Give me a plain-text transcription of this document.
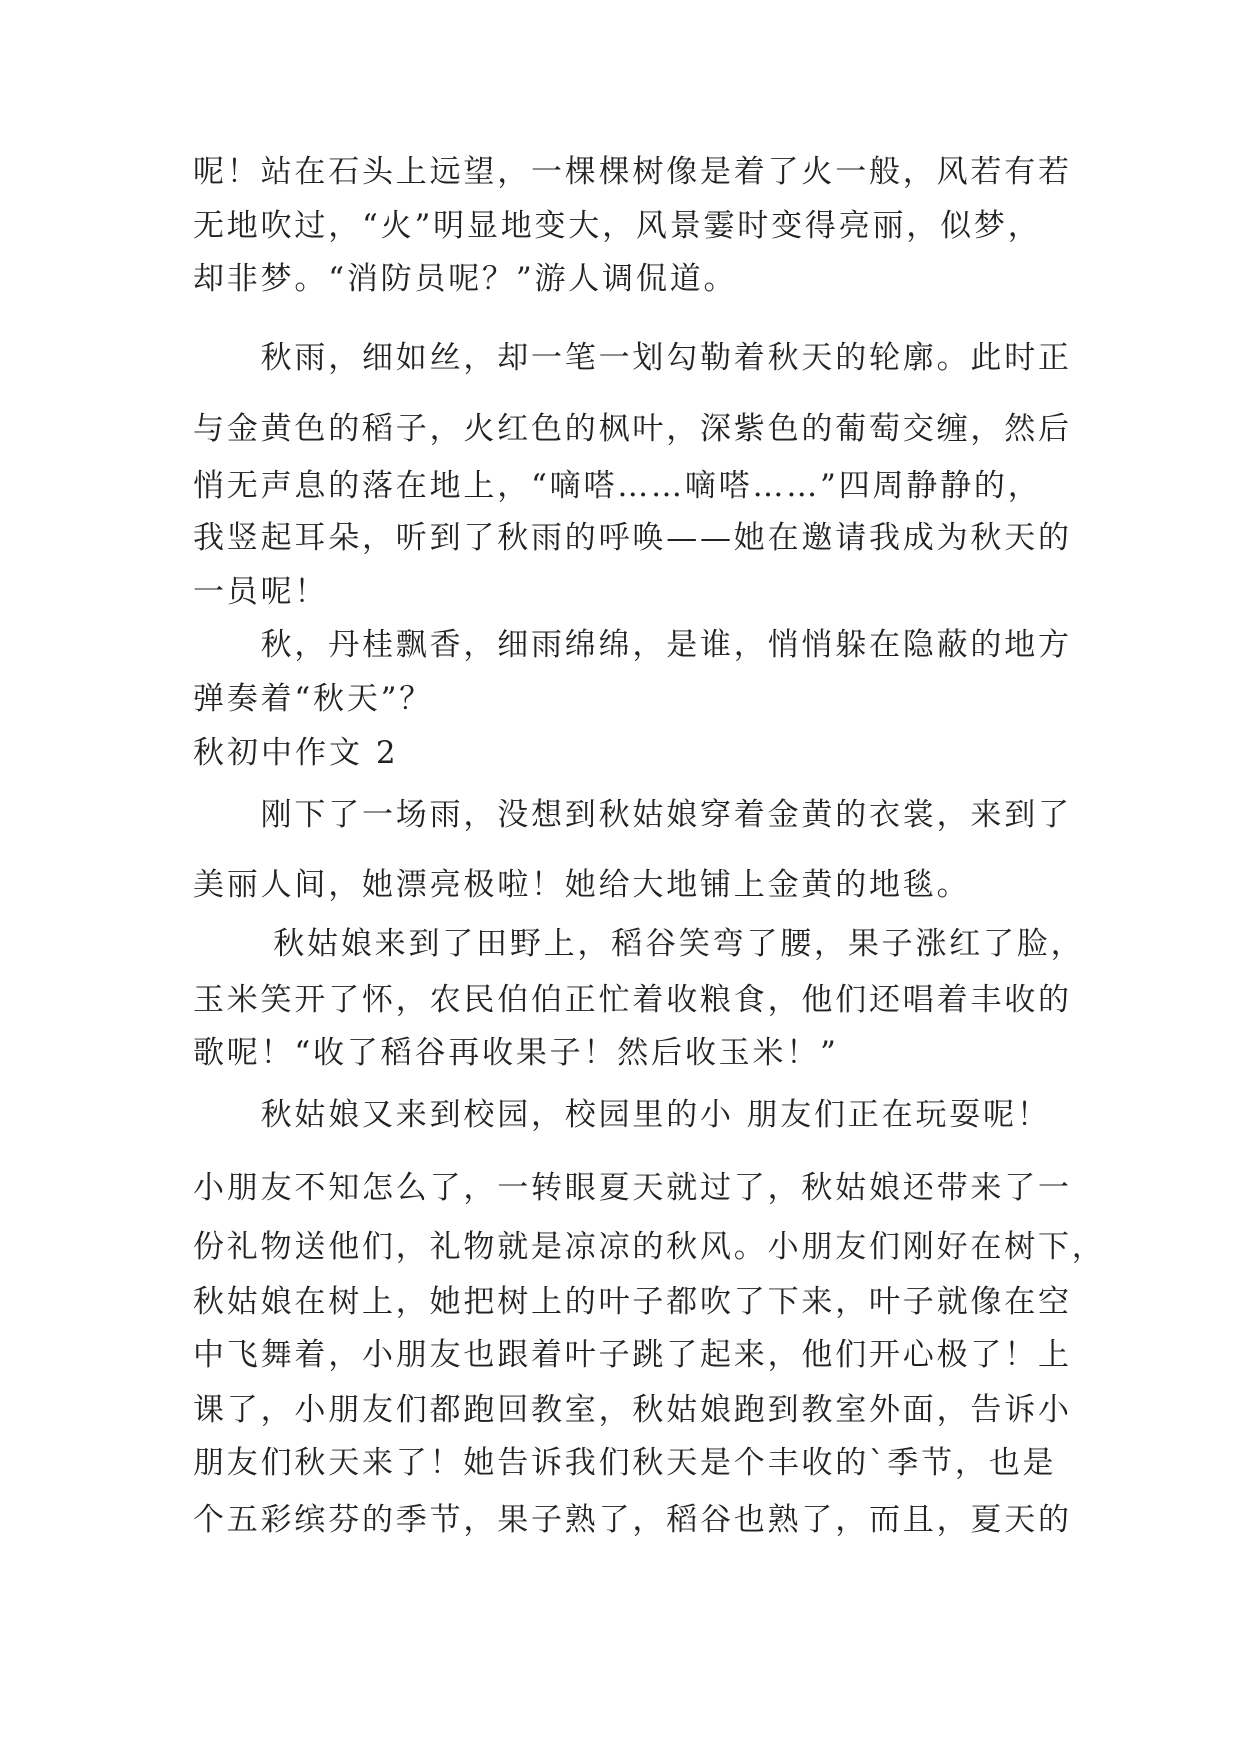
呢！站在石头上远望，一棵棵树像是着了火一般，风若有若
无地吹过，“火”明显地变大，风景霎时变得亮丽，似梦，
却非梦。“消防员呢？”游人调侃道。
　　秋雨，细如丝，却一笔一划勾勒着秋天的轮廓。此时正
与金黄色的稻子，火红色的枫叶，深紫色的葡萄交缠，然后
悄无声息的落在地上，“嘀嗒……嘀嗒……”四周静静的，
我竖起耳朵，听到了秋雨的呼唤——她在邀请我成为秋天的
一员呢！
　　秋，丹桂飘香，细雨绵绵，是谁，悄悄躲在隐蔽的地方
弹奏着“秋天”？
秋初中作文 2
　　刚下了一场雨，没想到秋姑娘穿着金黄的衣裳，来到了
美丽人间，她漂亮极啦！她给大地铺上金黄的地毯。
　　 秋姑娘来到了田野上，稻谷笑弯了腰，果子涨红了脸，
玉米笑开了怀，农民伯伯正忙着收粮食，他们还唱着丰收的
歌呢！“收了稻谷再收果子！然后收玉米！”
　　秋姑娘又来到校园，校园里的小 朋友们正在玩耍呢！
小朋友不知怎么了，一转眼夏天就过了，秋姑娘还带来了一
份礼物送他们，礼物就是凉凉的秋风。小朋友们刚好在树下，
秋姑娘在树上，她把树上的叶子都吹了下来，叶子就像在空
中飞舞着，小朋友也跟着叶子跳了起来，他们开心极了！上
课了，小朋友们都跑回教室，秋姑娘跑到教室外面，告诉小
朋友们秋天来了！她告诉我们秋天是个丰收的`季节，也是
个五彩缤芬的季节，果子熟了，稻谷也熟了，而且，夏天的
